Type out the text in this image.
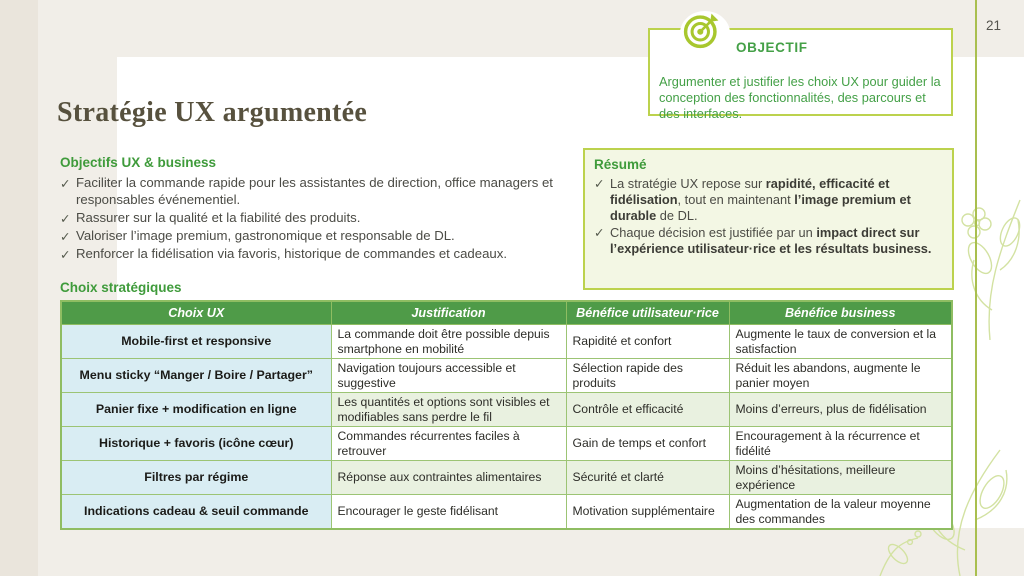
21
Stratégie UX argumentée
OBJECTIF

Argumenter et justifier les choix UX pour guider la conception des fonctionnalités, des parcours et des interfaces.

Objectifs UX & business
✓ Faciliter la commande rapide pour les assistantes de direction, office managers et responsables événementiel.
✓ Rassurer sur la qualité et la fiabilité des produits.
✓ Valoriser l’image premium, gastronomique et responsable de DL.
✓ Renforcer la fidélisation via favoris, historique de commandes et cadeaux.
Résumé
✓ La stratégie UX repose sur rapidité, efficacité et fidélisation, tout en maintenant l’image premium et durable de DL.
✓ Chaque décision est justifiée par un impact direct sur l’expérience utilisateur·rice et les résultats business.
Choix stratégiques
Choix UX	Justification	Bénéfice utilisateur·rice	Bénéfice business
Mobile-first et responsive	La commande doit être possible depuis smartphone en mobilité	Rapidité et confort	Augmente le taux de conversion et la satisfaction
Menu sticky “Manger / Boire / Partager”	Navigation toujours accessible et suggestive	Sélection rapide des produits	Réduit les abandons, augmente le panier moyen
Panier fixe + modification en ligne	Les quantités et options sont visibles et modifiables sans perdre le fil	Contrôle et efficacité	Moins d’erreurs, plus de fidélisation
Historique + favoris (icône cœur)	Commandes récurrentes faciles à retrouver	Gain de temps et confort	Encouragement à la récurrence et fidélité
Filtres par régime	Réponse aux contraintes alimentaires	Sécurité et clarté	Moins d’hésitations, meilleure expérience
Indications cadeau & seuil commande	Encourager le geste fidélisant	Motivation supplémentaire	Augmentation de la valeur moyenne des commandes
